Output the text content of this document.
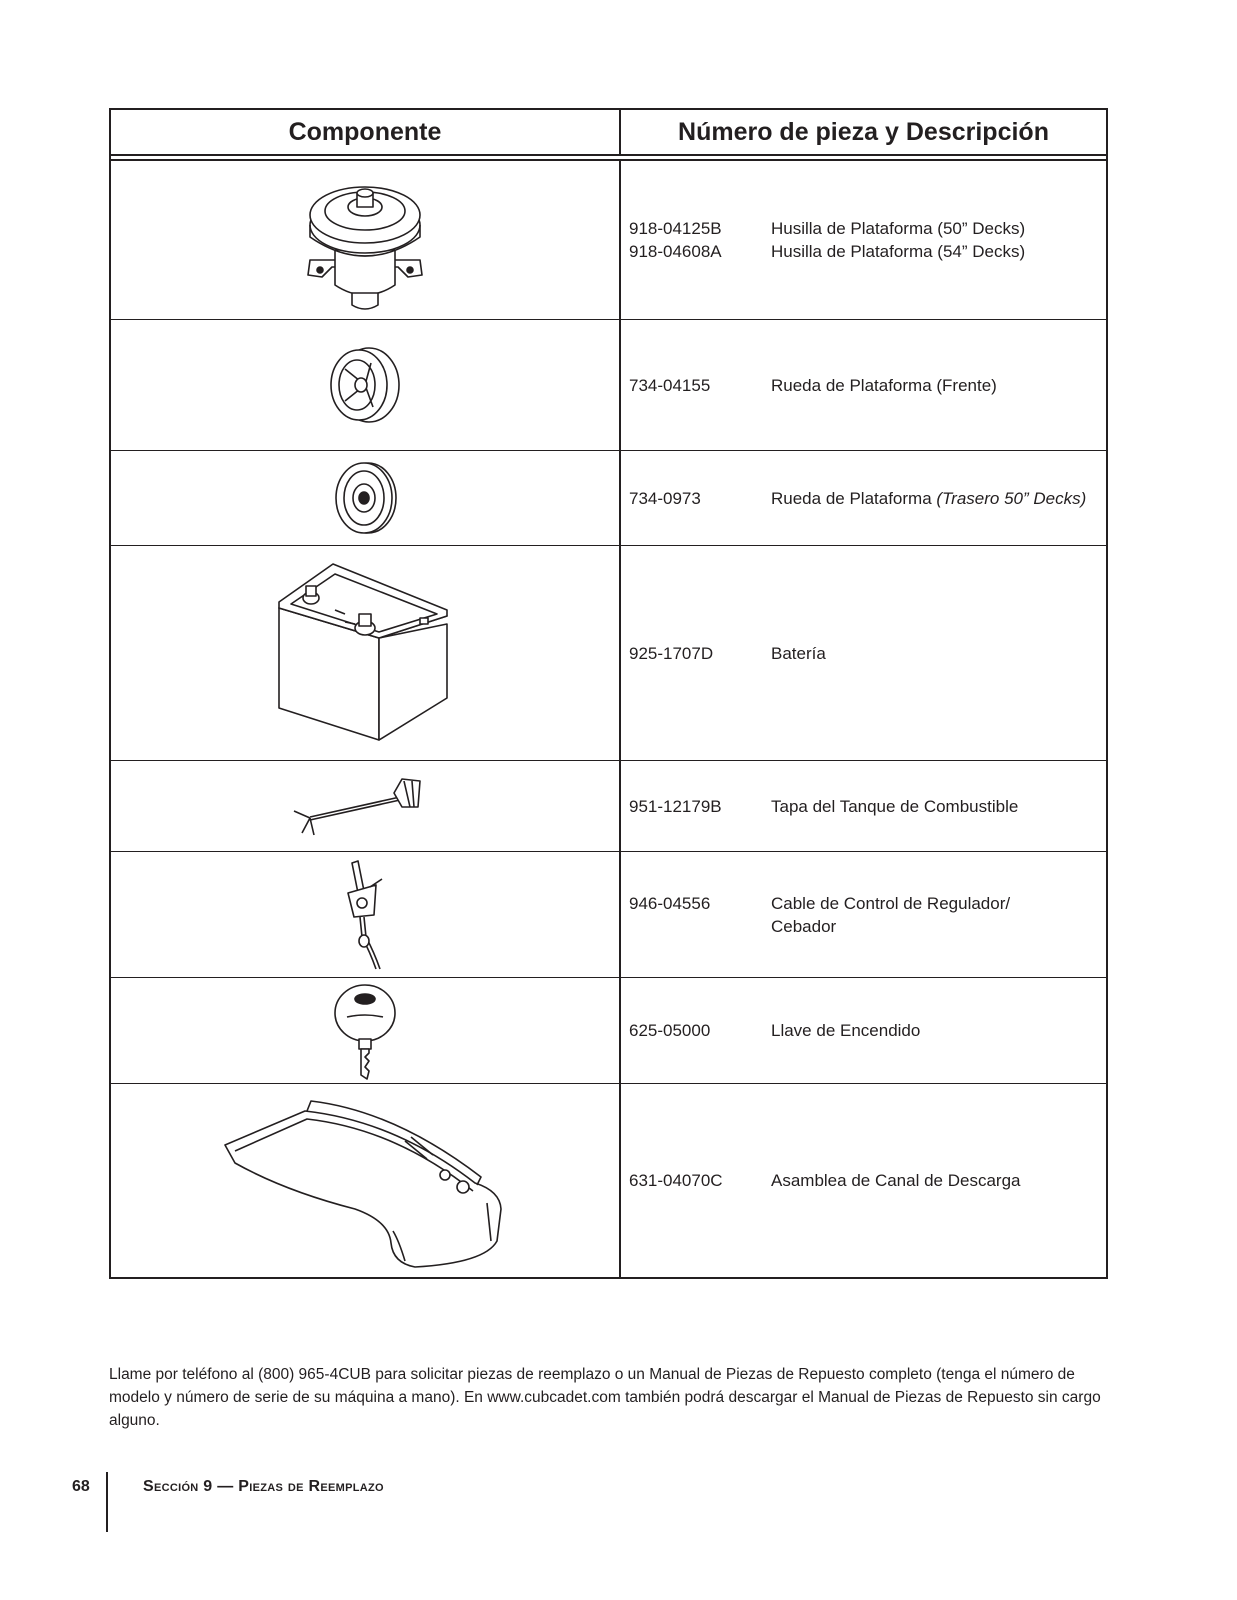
Componente	Número de pieza y Descripción
918-04125B	Husilla de Plataforma (50” Decks)
918-04608A	Husilla de Plataforma (54” Decks)
734-04155	Rueda de Plataforma (Frente)
734-0973	Rueda de Plataforma (Trasero 50” Decks)
925-1707D	Batería
951-12179B	Tapa del Tanque de Combustible
946-04556	Cable de Control de Regulador/
Cebador
625-05000	Llave de Encendido
631-04070C	Asamblea de Canal de Descarga
Llame por teléfono al (800) 965-4CUB para solicitar piezas de reemplazo o un Manual de Piezas de Repuesto completo (tenga el número de modelo y número de serie de su máquina a mano). En www.cubcadet.com también podrá descargar el Manual de Piezas de Repuesto sin cargo alguno.
68	Sección 9 — Piezas de Reemplazo
